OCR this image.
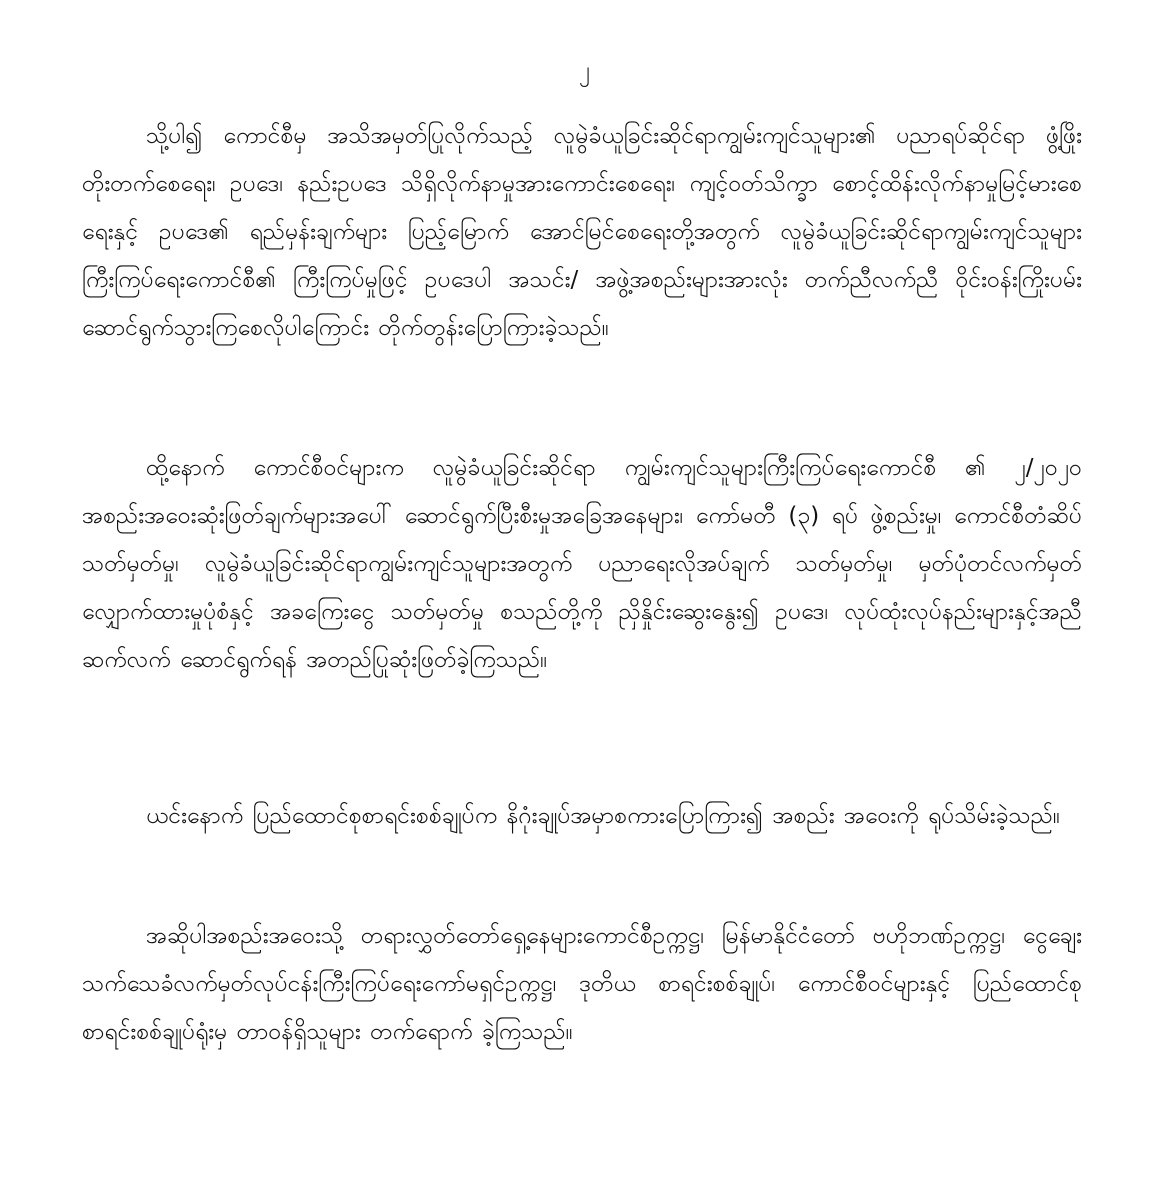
၂

သို့ပါ၍ ကောင်စီမှ အသိအမှတ်ပြုလိုက်သည့် လူမွဲခံယူခြင်းဆိုင်ရာကျွမ်းကျင်သူများ၏ ပညာရပ်ဆိုင်ရာ ဖွံ့ဖြိုးတိုးတက်စေရေး၊ ဥပဒေ၊ နည်းဥပဒေ သိရှိလိုက်နာမှုအားကောင်းစေရေး၊ ကျင့်ဝတ်သိက္ခာ စောင့်ထိန်းလိုက်နာမှုမြင့်မားစေရေးနှင့် ဥပဒေ၏ ရည်မှန်းချက်များ ပြည့်မြောက် အောင်မြင်စေရေးတို့အတွက် လူမွဲခံယူခြင်းဆိုင်ရာကျွမ်းကျင်သူများ ကြီးကြပ်ရေးကောင်စီ၏ ကြီးကြပ်မှုဖြင့် ဥပဒေပါ အသင်း/ အဖွဲ့အစည်းများအားလုံး တက်ညီလက်ညီ ဝိုင်းဝန်းကြိုးပမ်း ဆောင်ရွက်သွားကြစေလိုပါကြောင်း တိုက်တွန်းပြောကြားခဲ့သည်။

ထို့နောက် ကောင်စီဝင်များက လူမွဲခံယူခြင်းဆိုင်ရာ ကျွမ်းကျင်သူများကြီးကြပ်ရေးကောင်စီ ၏ ၂/၂၀၂၀ အစည်းအဝေးဆုံးဖြတ်ချက်များအပေါ် ဆောင်ရွက်ပြီးစီးမှုအခြေအနေများ၊ ကော်မတီ (၃) ရပ် ဖွဲ့စည်းမှု၊ ကောင်စီတံဆိပ်သတ်မှတ်မှု၊ လူမွဲခံယူခြင်းဆိုင်ရာကျွမ်းကျင်သူများအတွက် ပညာရေးလိုအပ်ချက် သတ်မှတ်မှု၊ မှတ်ပုံတင်လက်မှတ်လျှောက်ထားမှုပုံစံနှင့် အခကြေးငွေ သတ်မှတ်မှု စသည်တို့ကို ညှိနှိုင်းဆွေးနွေး၍ ဥပဒေ၊ လုပ်ထုံးလုပ်နည်းများနှင့်အညီ ဆက်လက် ဆောင်ရွက်ရန် အတည်ပြုဆုံးဖြတ်ခဲ့ကြသည်။

ယင်းနောက် ပြည်ထောင်စုစာရင်းစစ်ချုပ်က နိဂုံးချုပ်အမှာစကားပြောကြား၍ အစည်း အဝေးကို ရုပ်သိမ်းခဲ့သည်။

အဆိုပါအစည်းအဝေးသို့ တရားလွှတ်တော်ရှေ့နေများကောင်စီဥက္ကဋ္ဌ၊ မြန်မာနိုင်ငံတော် ဗဟိုဘဏ်ဥက္ကဋ္ဌ၊ ငွေချေးသက်သေခံလက်မှတ်လုပ်ငန်းကြီးကြပ်ရေးကော်မရှင်ဥက္ကဋ္ဌ၊ ဒုတိယ စာရင်းစစ်ချုပ်၊ ကောင်စီဝင်များနှင့် ပြည်ထောင်စုစာရင်းစစ်ချုပ်ရုံးမှ တာဝန်ရှိသူများ တက်ရောက် ခဲ့ကြသည်။
